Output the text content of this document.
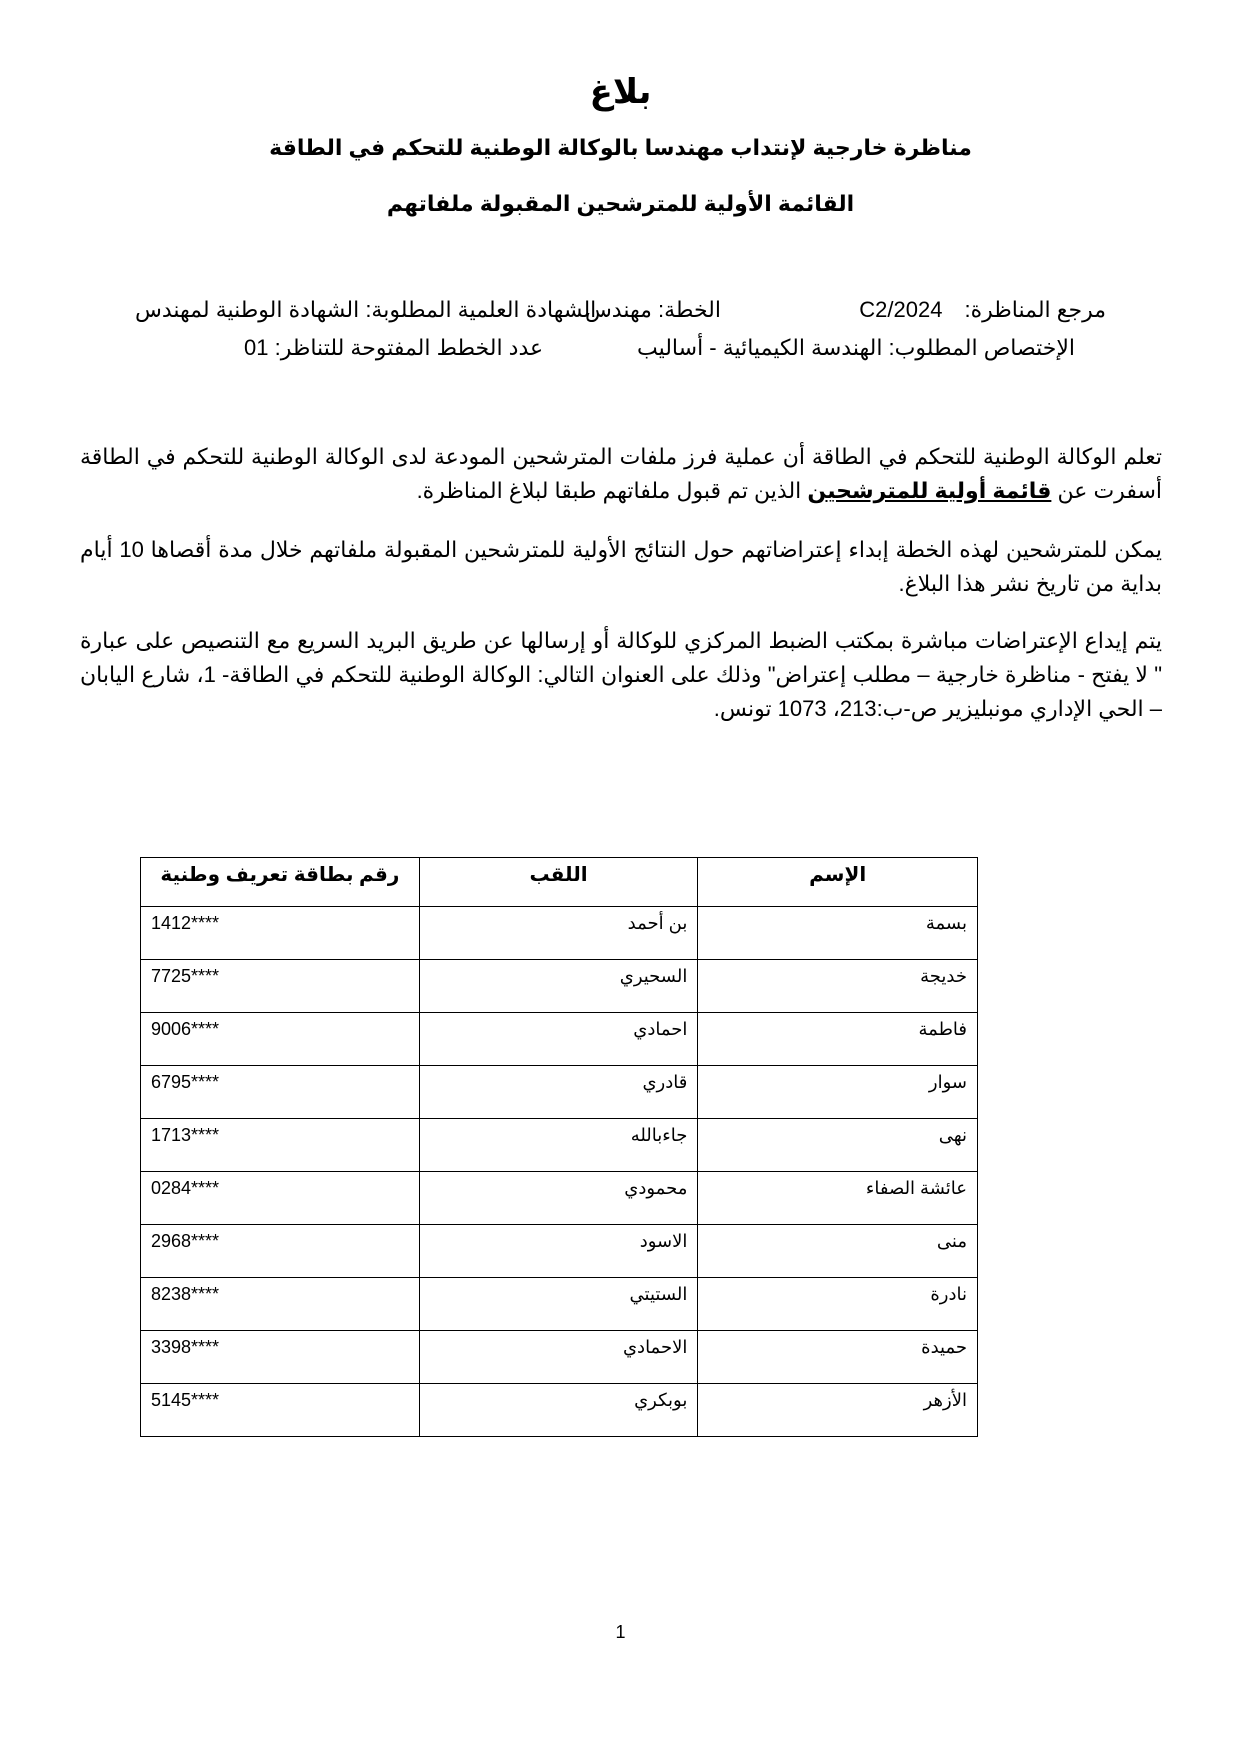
بلاغ
مناظرة خارجية لإنتداب مهندسا بالوكالة الوطنية للتحكم في الطاقة
القائمة الأولية للمترشحين المقبولة ملفاتهم
مرجع المناظرة:C2/2024
الخطة: مهندس
الشهادة العلمية المطلوبة: الشهادة الوطنية لمهندس
الإختصاص المطلوب: الهندسة الكيميائية - أساليب
عدد الخطط المفتوحة للتناظر: 01
تعلم الوكالة الوطنية للتحكم في الطاقة أن عملية فرز ملفات المترشحين المودعة لدى الوكالة الوطنية للتحكم في الطاقة أسفرت عن قائمة أولية للمترشحين الذين تم قبول ملفاتهم طبقا لبلاغ المناظرة.
يمكن للمترشحين لهذه الخطة إبداء إعتراضاتهم حول النتائج الأولية للمترشحين المقبولة ملفاتهم خلال مدة أقصاها 10 أيام بداية من تاريخ نشر هذا البلاغ.
يتم إيداع الإعتراضات مباشرة بمكتب الضبط المركزي للوكالة أو إرسالها عن طريق البريد السريع مع التنصيص على عبارة " لا يفتح - مناظرة خارجية – مطلب إعتراض" وذلك على العنوان التالي: الوكالة الوطنية للتحكم في الطاقة- 1، شارع اليابان – الحي الإداري مونبليزير ص-ب:213، 1073 تونس.
الإسم	اللقب	رقم بطاقة تعريف وطنية
بسمة	بن أحمد	1412****
خديجة	السحيري	7725****
فاطمة	احمادي	9006****
سوار	قادري	6795****
نهى	جاءبالله	1713****
عائشة الصفاء	محمودي	0284****
منى	الاسود	2968****
نادرة	الستيتي	8238****
حميدة	الاحمادي	3398****
الأزهر	بوبكري	5145****
1
